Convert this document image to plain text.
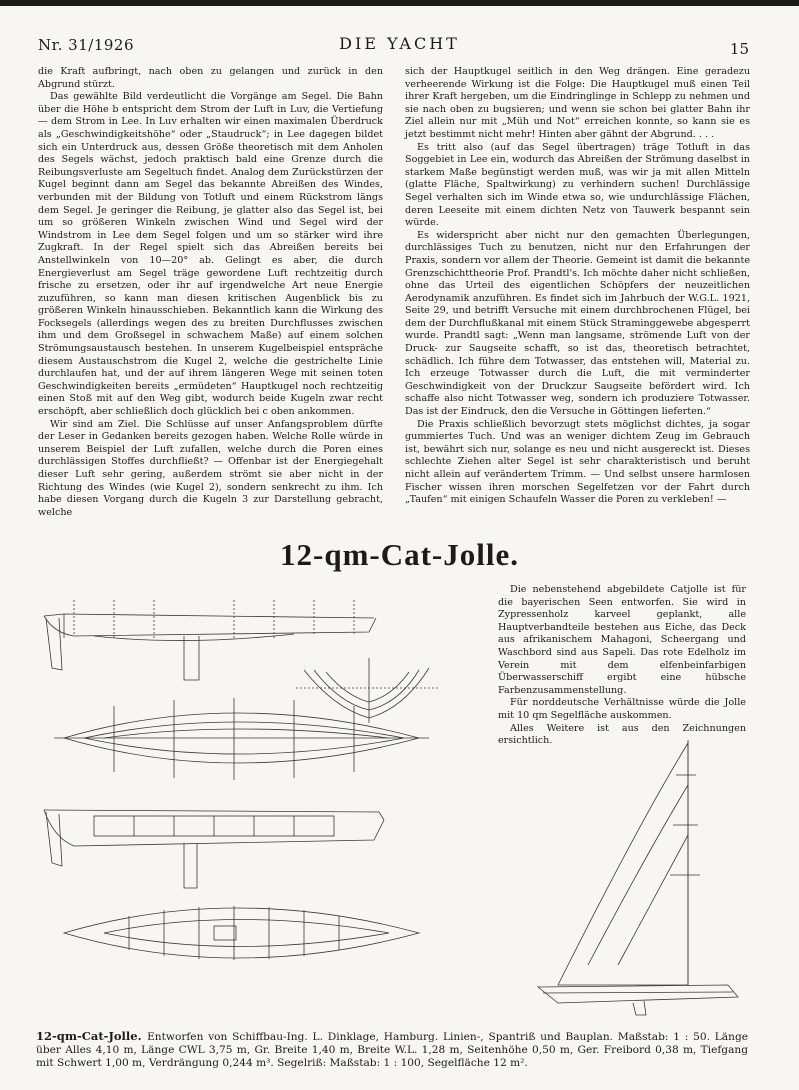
Nr. 31/1926	DIE YACHT	15

die Kraft aufbringt, nach oben zu gelangen und zurück in den Abgrund stürzt.

Das gewählte Bild verdeutlicht die Vorgänge am Segel. Die Bahn über die Höhe b entspricht dem Strom der Luft in Luv, die Vertiefung — dem Strom in Lee. In Luv erhalten wir einen maximalen Überdruck als „Geschwindigkeitshöhe“ oder „Staudruck“; in Lee dagegen bildet sich ein Unterdruck aus, dessen Größe theoretisch mit dem Anholen des Segels wächst, jedoch praktisch bald eine Grenze durch die Reibungsverluste am Segeltuch findet. Analog dem Zurückstürzen der Kugel beginnt dann am Segel das bekannte Abreißen des Windes, verbunden mit der Bildung von Totluft und einem Rückstrom längs dem Segel. Je geringer die Reibung, je glatter also das Segel ist, bei um so größeren Winkeln zwischen Wind und Segel wird der Windstrom in Lee dem Segel folgen und um so stärker wird ihre Zugkraft. In der Regel spielt sich das Abreißen bereits bei Anstellwinkeln von 10—20° ab. Gelingt es aber, die durch Energieverlust am Segel träge gewordene Luft rechtzeitig durch frische zu ersetzen, oder ihr auf irgendwelche Art neue Energie zuzuführen, so kann man diesen kritischen Augenblick bis zu größeren Winkeln hinausschieben. Bekanntlich kann die Wirkung des Focksegels (allerdings wegen des zu breiten Durchflusses zwischen ihm und dem Großsegel in schwachem Maße) auf einem solchen Strömungsaustausch bestehen. In unserem Kugelbeispiel entspräche diesem Austauschstrom die Kugel 2, welche die gestrichelte Linie durchlaufen hat, und der auf ihrem längeren Wege mit seinen toten Geschwindigkeiten bereits „ermüdeten“ Hauptkugel noch rechtzeitig einen Stoß mit auf den Weg gibt, wodurch beide Kugeln zwar recht erschöpft, aber schließlich doch glücklich bei c oben ankommen.

Wir sind am Ziel. Die Schlüsse auf unser Anfangsproblem dürfte der Leser in Gedanken bereits gezogen haben. Welche Rolle würde in unserem Beispiel der Luft zufallen, welche durch die Poren eines durchlässigen Stoffes durchfließt? — Offenbar ist der Energiegehalt dieser Luft sehr gering, außerdem strömt sie aber nicht in der Richtung des Windes (wie Kugel 2), sondern senkrecht zu ihm. Ich habe diesen Vorgang durch die Kugeln 3 zur Darstellung gebracht, welche

sich der Hauptkugel seitlich in den Weg drängen. Eine geradezu verheerende Wirkung ist die Folge: Die Hauptkugel muß einen Teil ihrer Kraft hergeben, um die Eindringlinge in Schlepp zu nehmen und sie nach oben zu bugsieren; und wenn sie schon bei glatter Bahn ihr Ziel allein nur mit „Müh und Not“ erreichen konnte, so kann sie es jetzt bestimmt nicht mehr! Hinten aber gähnt der Abgrund. . . .

Es tritt also (auf das Segel übertragen) träge Totluft in das Soggebiet in Lee ein, wodurch das Abreißen der Strömung daselbst in starkem Maße begünstigt werden muß, was wir ja mit allen Mitteln (glatte Fläche, Spaltwirkung) zu verhindern suchen! Durchlässige Segel verhalten sich im Winde etwa so, wie undurchlässige Flächen, deren Leeseite mit einem dichten Netz von Tauwerk bespannt sein würde.

Es widerspricht aber nicht nur den gemachten Überlegungen, durchlässiges Tuch zu benutzen, nicht nur den Erfahrungen der Praxis, sondern vor allem der Theorie. Gemeint ist damit die bekannte Grenzschichttheorie Prof. Prandtl's. Ich möchte daher nicht schließen, ohne das Urteil des eigentlichen Schöpfers der neuzeitlichen Aerodynamik anzuführen. Es findet sich im Jahrbuch der W.G.L. 1921, Seite 29, und betrifft Versuche mit einem durchbrochenen Flügel, bei dem der Durchflußkanal mit einem Stück Straminggewebe abgesperrt wurde. Prandtl sagt: „Wenn man langsame, strömende Luft von der Druck- zur Saugseite schafft, so ist das, theoretisch betrachtet, schädlich. Ich führe dem Totwasser, das entstehen will, Material zu. Ich erzeuge Totwasser durch die Luft, die mit verminderter Geschwindigkeit von der Druckzur Saugseite befördert wird. Ich schaffe also nicht Totwasser weg, sondern ich produziere Totwasser. Das ist der Eindruck, den die Versuche in Göttingen lieferten.“

Die Praxis schließlich bevorzugt stets möglichst dichtes, ja sogar gummiertes Tuch. Und was an weniger dichtem Zeug im Gebrauch ist, bewährt sich nur, solange es neu und nicht ausgereckt ist. Dieses schlechte Ziehen alter Segel ist sehr charakteristisch und beruht nicht allein auf verändertem Trimm. — Und selbst unsere harmlosen Fischer wissen ihren morschen Segelfetzen vor der Fahrt durch „Taufen“ mit einigen Schaufeln Wasser die Poren zu verkleben! —

12-qm-Cat-Jolle.

Die nebenstehend abgebildete Catjolle ist für die bayerischen Seen entworfen. Sie wird in Zypressenholz karveel geplankt, alle Hauptverbandteile bestehen aus Eiche, das Deck aus afrikanischem Mahagoni, Scheergang und Waschbord sind aus Sapeli. Das rote Edelholz im Verein mit dem elfenbeinfarbigen Überwasserschiff ergibt eine hübsche Farbenzusammenstellung.

Für norddeutsche Verhältnisse würde die Jolle mit 10 qm Segelfläche auskommen.

Alles Weitere ist aus den Zeichnungen ersichtlich.

12-qm-Cat-Jolle. Entworfen von Schiffbau-Ing. L. Dinklage, Hamburg. Linien-, Spantriß und Bauplan. Maßstab: 1 : 50. Länge über Alles 4,10 m, Länge CWL 3,75 m, Gr. Breite 1,40 m, Breite W.L. 1,28 m, Seitenhöhe 0,50 m, Ger. Freibord 0,38 m, Tiefgang mit Schwert 1,00 m, Verdrängung 0,244 m³. Segelriß: Maßstab: 1 : 100, Segelfläche 12 m².
